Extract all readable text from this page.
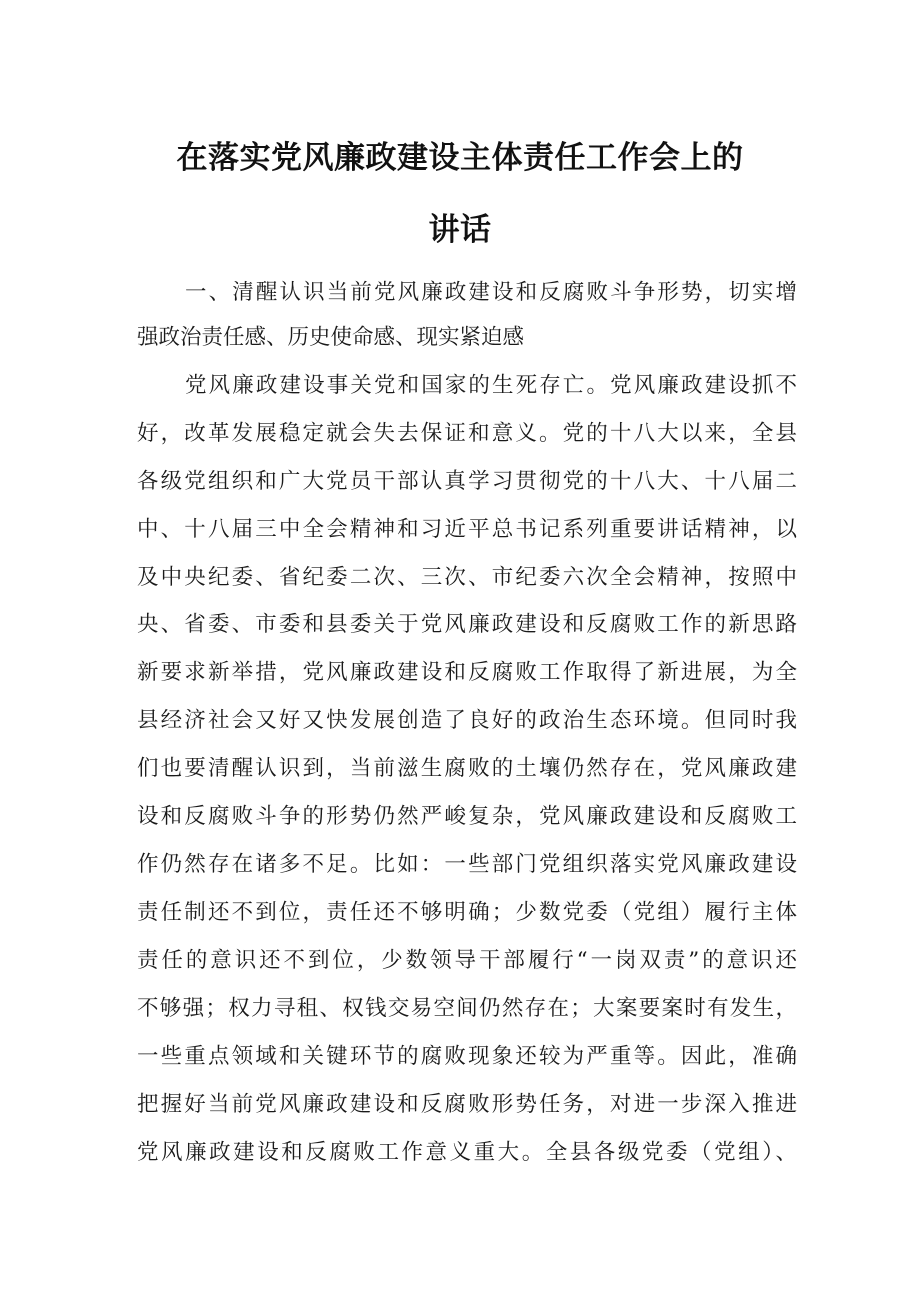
在落实党风廉政建设主体责任工作会上的
讲话
一、清醒认识当前党风廉政建设和反腐败斗争形势，切实增
强政治责任感、历史使命感、现实紧迫感
党风廉政建设事关党和国家的生死存亡。党风廉政建设抓不
好，改革发展稳定就会失去保证和意义。党的十八大以来，全县
各级党组织和广大党员干部认真学习贯彻党的十八大、十八届二
中、十八届三中全会精神和习近平总书记系列重要讲话精神，以
及中央纪委、省纪委二次、三次、市纪委六次全会精神，按照中
央、省委、市委和县委关于党风廉政建设和反腐败工作的新思路
新要求新举措，党风廉政建设和反腐败工作取得了新进展，为全
县经济社会又好又快发展创造了良好的政治生态环境。但同时我
们也要清醒认识到，当前滋生腐败的土壤仍然存在，党风廉政建
设和反腐败斗争的形势仍然严峻复杂，党风廉政建设和反腐败工
作仍然存在诸多不足。比如：一些部门党组织落实党风廉政建设
责任制还不到位，责任还不够明确；少数党委（党组）履行主体
责任的意识还不到位，少数领导干部履行“一岗双责”的意识还
不够强；权力寻租、权钱交易空间仍然存在；大案要案时有发生，
一些重点领域和关键环节的腐败现象还较为严重等。因此，准确
把握好当前党风廉政建设和反腐败形势任务，对进一步深入推进
党风廉政建设和反腐败工作意义重大。全县各级党委（党组）、
